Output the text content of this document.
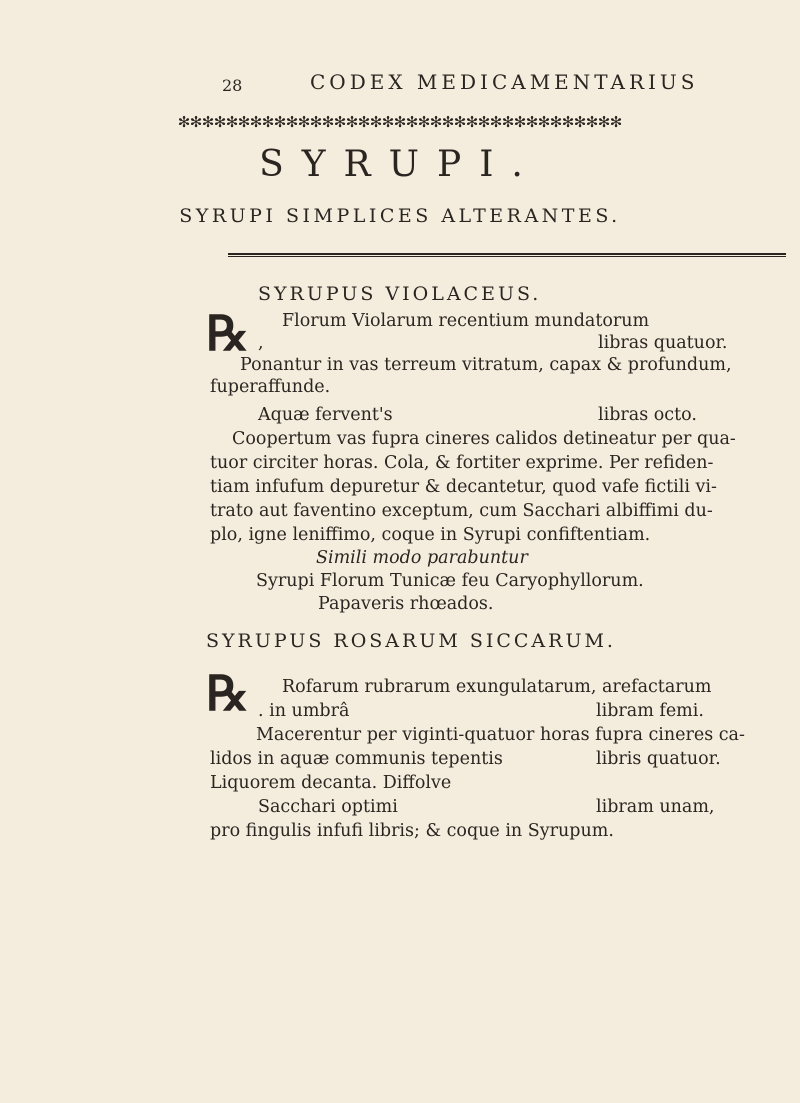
28	CODEX MEDICAMENTARIUS
✻ ✻ ✻ ✻ ✻ ✻ ✻ ✻ ✻ ✻ ✻ ✻ ✻ ✻ ✻ ✻ ✻ ✻ ✻ ✻ ✻ ✻ ✻ ✻ ✻ ✻ ✻ ✻ ✻ ✻ ✻ ✻ ✻ ✻ ✻ ✻ ✻
SYRUPI.
SYRUPI SIMPLICES ALTERANTES.
SYRUPUS VIOLACEUS.
℞ Florum Violarum recentium mundatorum
,	libras quatuor.
Ponantur in vas terreum vitratum, capax & profundum,
fuperaffunde.
Aquæ fervent's	libras octo.
Coopertum vas fupra cineres calidos detineatur per qua-
tuor circiter horas. Cola, & fortiter exprime. Per refiden-
tiam infufum depuretur & decantetur, quod vafe fictili vi-
trato aut faventino exceptum, cum Sacchari albiffimi du-
plo, igne leniffimo, coque in Syrupi confiftentiam.
Simili modo parabuntur
Syrupi Florum Tunicæ feu Caryophyllorum.
Papaveris rhœados.
SYRUPUS ROSARUM SICCARUM.
℞ Rofarum rubrarum exungulatarum, arefactarum
. in umbrâ	libram femi.
Macerentur per viginti-quatuor horas fupra cineres ca-
lidos in aquæ communis tepentis	libris quatuor.
Liquorem decanta. Diffolve
Sacchari optimi	libram unam,
pro fingulis infufi libris; & coque in Syrupum.
